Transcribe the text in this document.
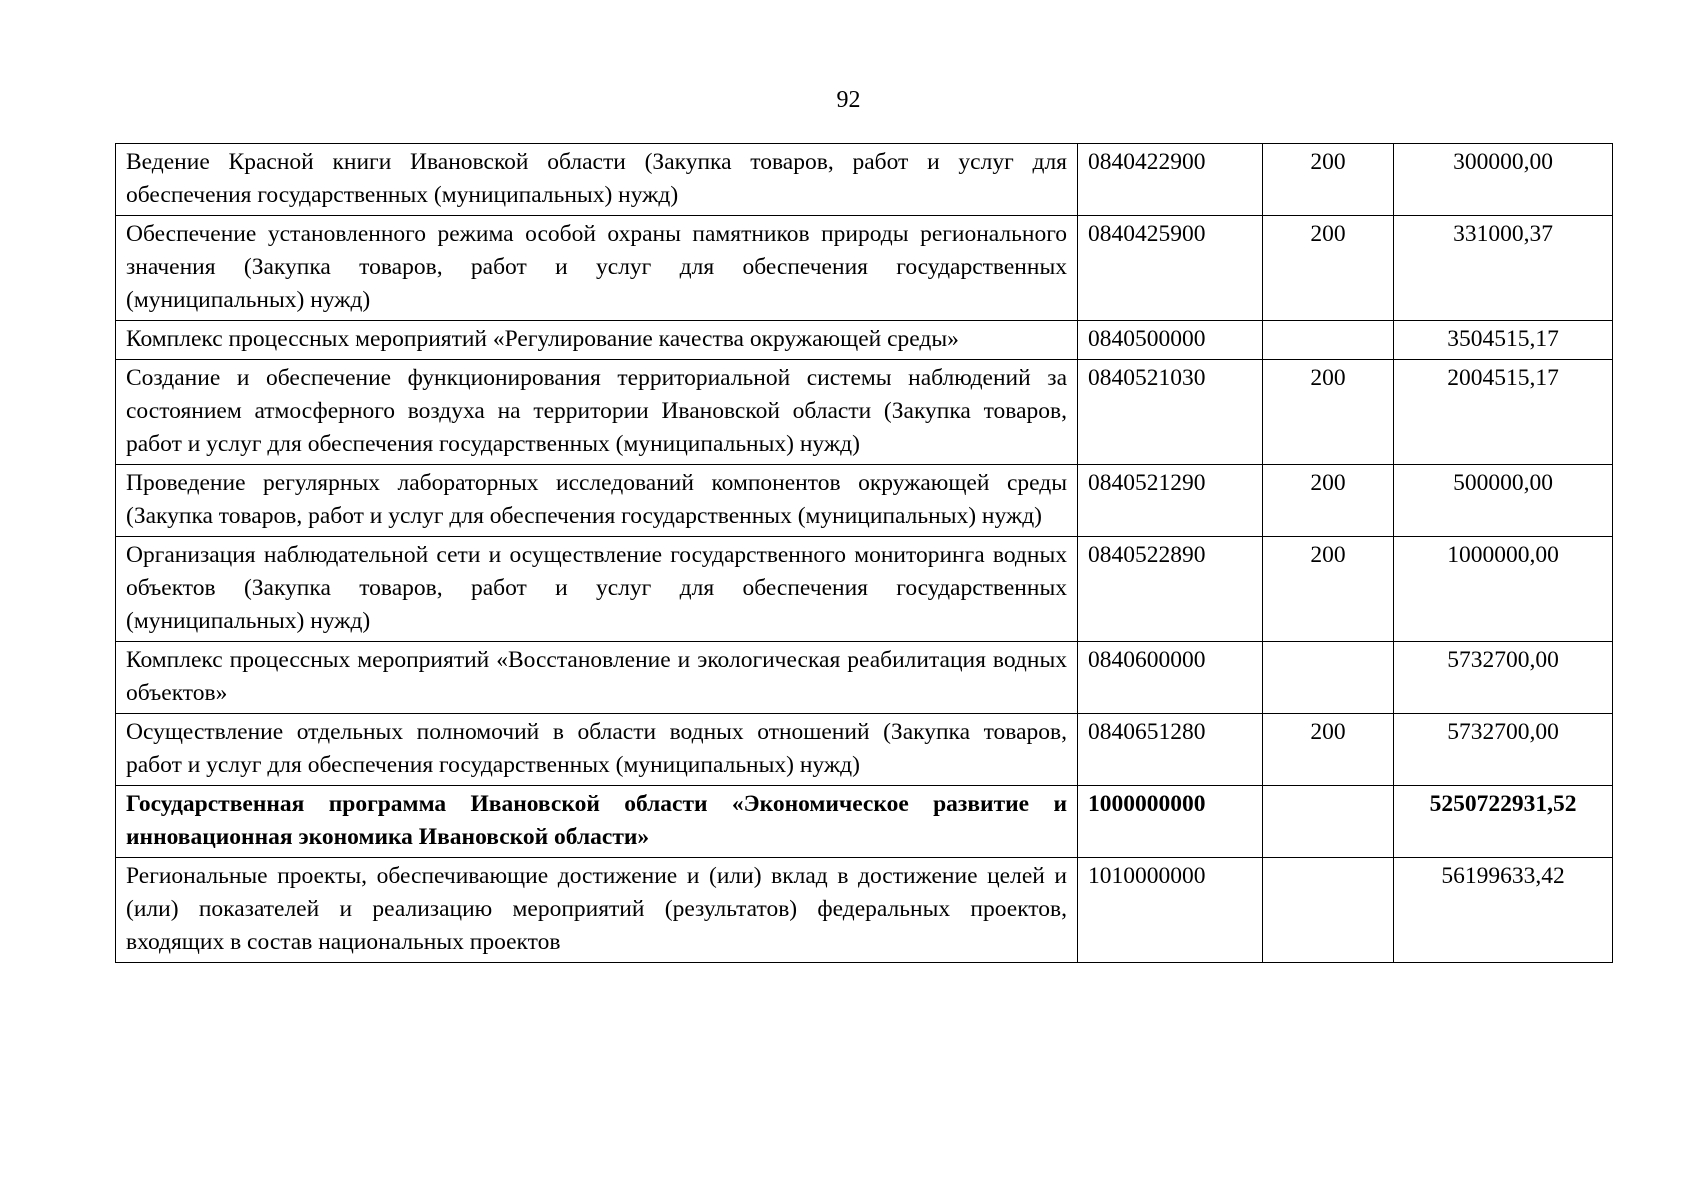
92
Ведение Красной книги Ивановской области (Закупка товаров, работ и услуг для обеспечения государственных (муниципальных) нужд)	0840422900	200	300000,00
Обеспечение установленного режима особой охраны памятников природы регионального значения (Закупка товаров, работ и услуг для обеспечения государственных (муниципальных) нужд)	0840425900	200	331000,37
Комплекс процессных мероприятий «Регулирование качества окружающей среды»	0840500000		3504515,17
Создание и обеспечение функционирования территориальной системы наблюдений за состоянием атмосферного воздуха на территории Ивановской области (Закупка товаров, работ и услуг для обеспечения государственных (муниципальных) нужд)	0840521030	200	2004515,17
Проведение регулярных лабораторных исследований компонентов окружающей среды (Закупка товаров, работ и услуг для обеспечения государственных (муниципальных) нужд)	0840521290	200	500000,00
Организация наблюдательной сети и осуществление государственного мониторинга водных объектов (Закупка товаров, работ и услуг для обеспечения государственных (муниципальных) нужд)	0840522890	200	1000000,00
Комплекс процессных мероприятий «Восстановление и экологическая реабилитация водных объектов»	0840600000		5732700,00
Осуществление отдельных полномочий в области водных отношений (Закупка товаров, работ и услуг для обеспечения государственных (муниципальных) нужд)	0840651280	200	5732700,00
Государственная программа Ивановской области «Экономическое развитие и инновационная экономика Ивановской области»	1000000000		5250722931,52
Региональные проекты, обеспечивающие достижение и (или) вклад в достижение целей и (или) показателей и реализацию мероприятий (результатов) федеральных проектов, входящих в состав национальных проектов	1010000000		56199633,42
